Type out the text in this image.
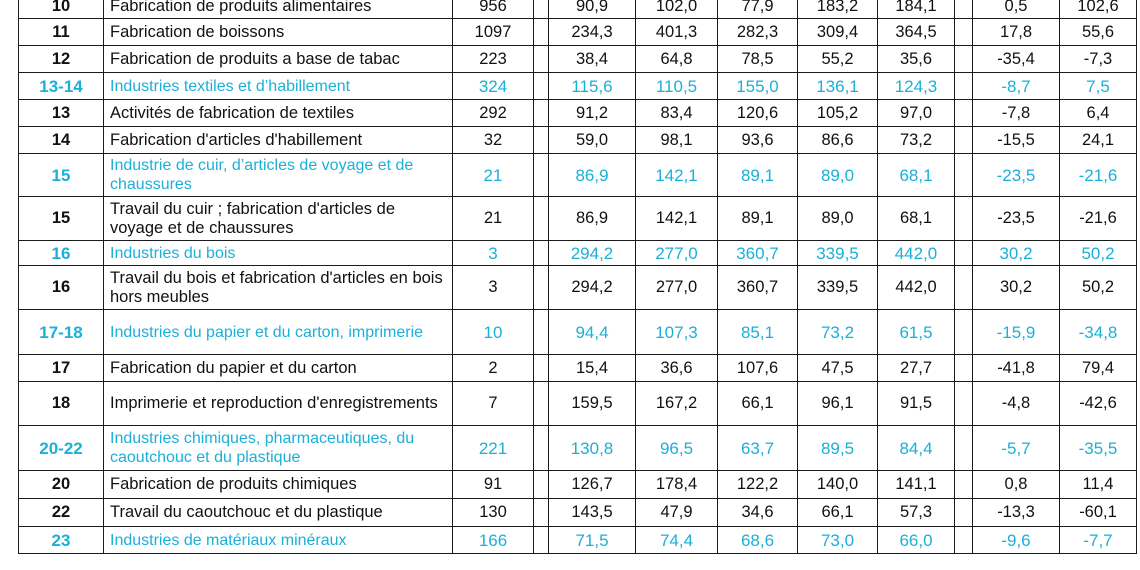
10	Fabrication de produits alimentaires	956		90,9	102,0	77,9	183,2	184,1		0,5	102,6
11	Fabrication de boissons	1097		234,3	401,3	282,3	309,4	364,5		17,8	55,6
12	Fabrication de produits a base de tabac	223		38,4	64,8	78,5	55,2	35,6		-35,4	-7,3
13-14	Industries textiles et d’habillement	324		115,6	110,5	155,0	136,1	124,3		-8,7	7,5
13	Activités de fabrication de textiles	292		91,2	83,4	120,6	105,2	97,0		-7,8	6,4
14	Fabrication d'articles d'habillement	32		59,0	98,1	93,6	86,6	73,2		-15,5	24,1
15	Industrie de cuir, d’articles de voyage et de chaussures	21		86,9	142,1	89,1	89,0	68,1		-23,5	-21,6
15	Travail du cuir ; fabrication d'articles de voyage et de chaussures	21		86,9	142,1	89,1	89,0	68,1		-23,5	-21,6
16	Industries du bois	3		294,2	277,0	360,7	339,5	442,0		30,2	50,2
16	Travail du bois et fabrication d'articles en bois hors meubles	3		294,2	277,0	360,7	339,5	442,0		30,2	50,2
17-18	Industries du papier et du carton, imprimerie	10		94,4	107,3	85,1	73,2	61,5		-15,9	-34,8
17	Fabrication du papier et du carton	2		15,4	36,6	107,6	47,5	27,7		-41,8	79,4
18	Imprimerie et reproduction d'enregistrements	7		159,5	167,2	66,1	96,1	91,5		-4,8	-42,6
20-22	Industries chimiques, pharmaceutiques, du caoutchouc et du plastique	221		130,8	96,5	63,7	89,5	84,4		-5,7	-35,5
20	Fabrication de produits chimiques	91		126,7	178,4	122,2	140,0	141,1		0,8	11,4
22	Travail du caoutchouc et du plastique	130		143,5	47,9	34,6	66,1	57,3		-13,3	-60,1
23	Industries de matériaux minéraux	166		71,5	74,4	68,6	73,0	66,0		-9,6	-7,7
